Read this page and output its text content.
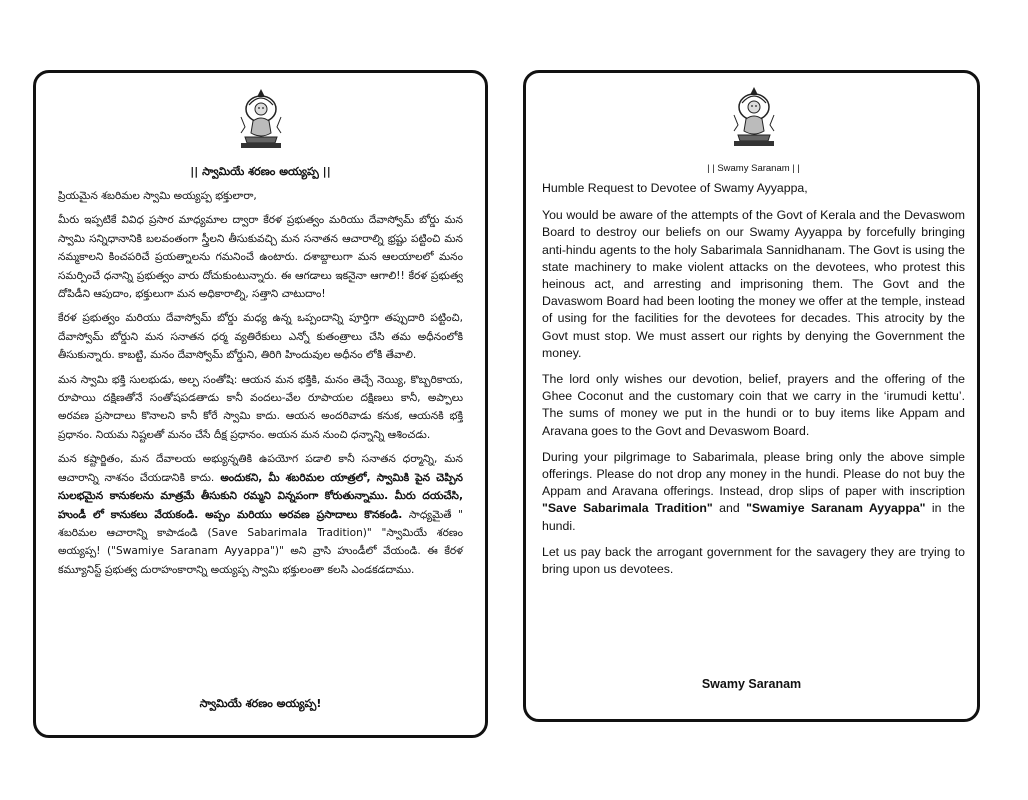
|| స్వామియే శరణం అయ్యప్ప ||

ప్రియమైన శబరిమల స్వామి అయ్యప్ప భక్తులారా,

మీరు ఇప్పటికే వివిధ ప్రసార మాధ్యమాల ద్వారా కేరళ ప్రభుత్వం మరియు దేవాస్వోమ్ బోర్డు మన స్వామి సన్నిధానానికి బలవంతంగా స్త్రీలని తీసుకువచ్చి మన సనాతన ఆచారాల్ని భ్రష్టు పట్టించి మన నమ్మకాలని కించపరిచే ప్రయత్నాలను గమనించే ఉంటారు. దశాబ్దాలుగా మన ఆలయాలలో మనం సమర్పించే ధనాన్ని ప్రభుత్వం వారు దోచుకుంటున్నారు. ఈ ఆగడాలు ఇకనైనా ఆగాలి!! కేరళ ప్రభుత్వ దోపిడీని ఆపుదాం, భక్తులుగా మన అధికారాల్ని, సత్తాని చాటుదాం!

కేరళ ప్రభుత్వం మరియు దేవాస్వోమ్ బోర్డు మధ్య ఉన్న ఒప్పందాన్ని పూర్తిగా తప్పుదారి పట్టించి, దేవాస్వోమ్ బోర్డుని మన సనాతన ధర్మ వ్యతిరేకులు ఎన్నో కుతంత్రాలు చేసి తమ అధీనంలోకి తీసుకున్నారు. కాబట్టి, మనం దేవాస్వోమ్ బోర్డుని, తిరిగి హిందువుల అధీనం లోకి తేవాలి.

మన స్వామి భక్తి సులభుడు, అల్ప సంతోషి: ఆయన మన భక్తికి, మనం తెచ్చే నెయ్యి, కొబ్బరికాయ, రూపాయి దక్షిణతోనే సంతోషపడతాడు కానీ వందలు-వేల రూపాయల దక్షిణలు కానీ, అప్పాలు అరవణ ప్రసాదాలు కొనాలని కానీ కోరే స్వామి కాదు. ఆయన అందరివాడు కనుక, ఆయనకి భక్తి ప్రధానం. నియమ నిష్టలతో మనం చేసే దీక్ష ప్రధానం. అయన మన నుంచి ధన్నాన్ని ఆశించడు.

మన కష్టార్జితం, మన దేవాలయ అభ్యున్నతికి ఉపయోగ పడాలి కానీ సనాతన ధర్మాన్ని, మన ఆచారాన్ని నాశనం చేయడానికి కాదు. అందుకని, మీ శబరిమల యాత్రలో, స్వామికి పైన చెప్పిన సులభమైన కానుకలను మాత్రమే తీసుకుని రమ్మని విన్నపంగా కోరుతున్నాము. మీరు దయచేసి, హుండీ లో కానుకలు వేయకండి. అప్పం మరియు అరవణ ప్రసాదాలు కొనకండి. సాధ్యమైతే " శబరిమల ఆచారాన్ని కాపాడండి (Save Sabarimala Tradition)" "స్వామియే శరణం అయ్యప్ప! ("Swamiye Saranam Ayyappa")" అని వ్రాసి హుండీలో వేయండి. ఈ కేరళ కమ్యూనిస్ట్ ప్రభుత్వ దురాహంకారాన్ని అయ్యప్ప స్వామి భక్తులంతా కలసి ఎండకడదాము.

స్వామియే శరణం అయ్యప్ప!
| | Swamy Saranam | |

Humble Request to Devotee of Swamy Ayyappa,

You would be aware of the attempts of the Govt of Kerala and the Devaswom Board to destroy our beliefs on our Swamy Ayyappa by forcefully bringing anti-hindu agents to the holy Sabarimala Sannidhanam. The Govt is using the state machinery to make violent attacks on the devotees, who protest this heinous act, and arresting and imprisoning them. The Govt and the Davaswom Board had been looting the money we offer at the temple, instead of using for the facilities for the devotees for decades. This atrocity by the Govt must stop. We must assert our rights by denying the Government the money.

The lord only wishes our devotion, belief, prayers and the offering of the Ghee Coconut and the customary coin that we carry in the ‘irumudi kettu’. The sums of money we put in the hundi or to buy items like Appam and Aravana goes to the Govt and Devaswom Board.

During your pilgrimage to Sabarimala, please bring only the above simple offerings. Please do not drop any money in the hundi. Please do not buy the Appam and Aravana offerings. Instead, drop slips of paper with inscription "Save Sabarimala Tradition" and "Swamiye Saranam Ayyappa" in the hundi.

Let us pay back the arrogant government for the savagery they are trying to bring upon us devotees.

Swamy Saranam
